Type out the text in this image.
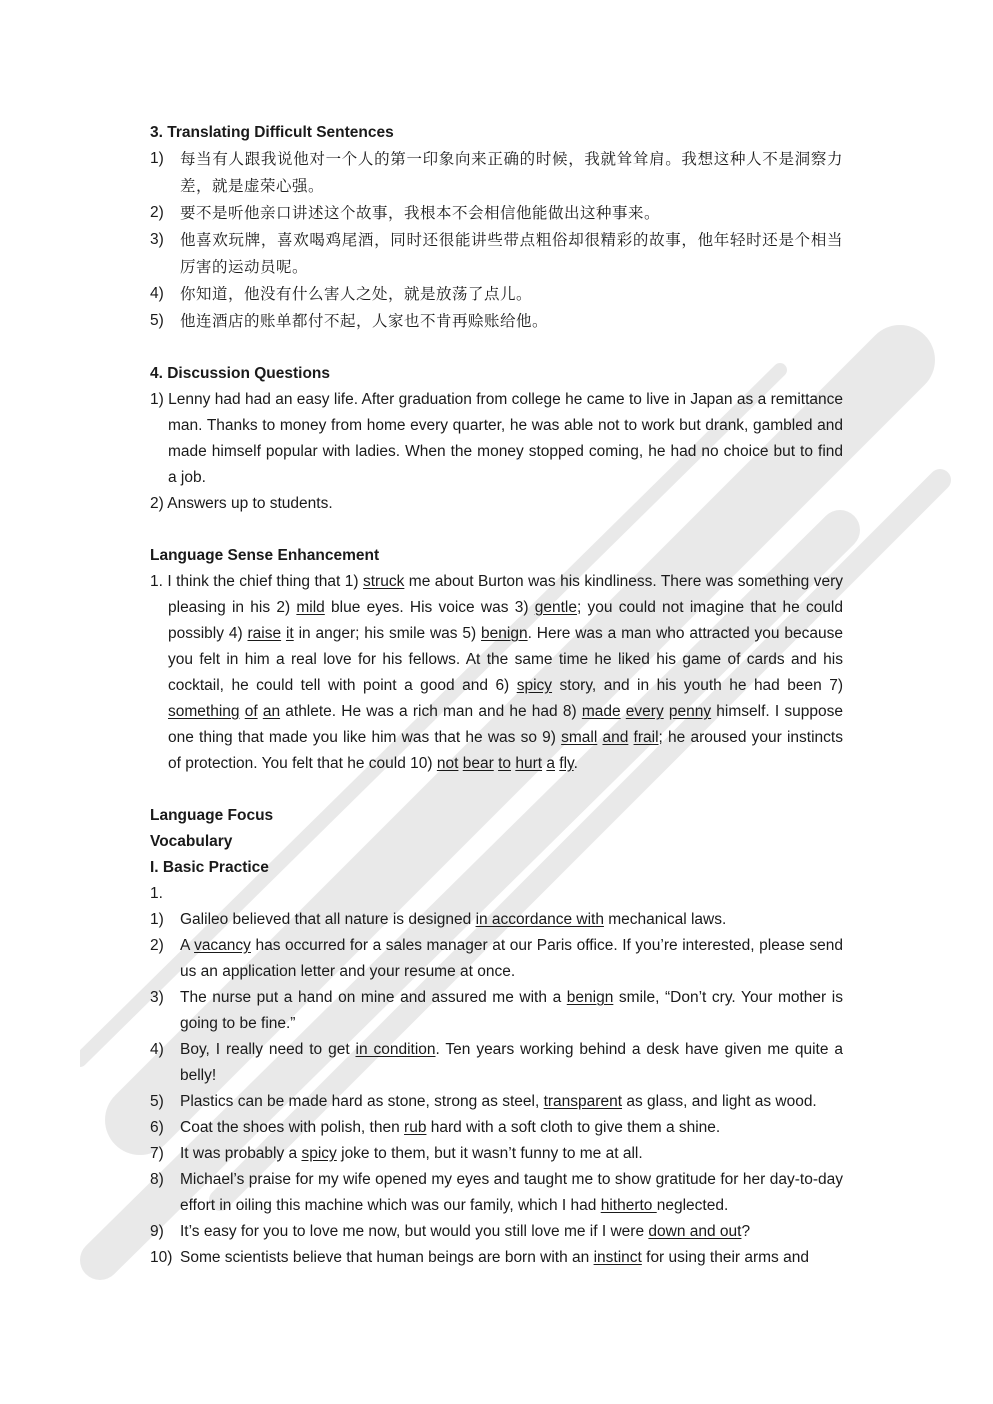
3. Translating Difficult Sentences
1) 每当有人跟我说他对一个人的第一印象向来正确的时候，我就耸耸肩。我想这种人不是洞察力差，就是虚荣心强。
2) 要不是听他亲口讲述这个故事，我根本不会相信他能做出这种事来。
3) 他喜欢玩牌，喜欢喝鸡尾酒，同时还很能讲些带点粗俗却很精彩的故事，他年轻时还是个相当厉害的运动员呢。
4) 你知道，他没有什么害人之处，就是放荡了点儿。
5) 他连酒店的账单都付不起，人家也不肯再赊账给他。
4. Discussion Questions
1) Lenny had had an easy life. After graduation from college he came to live in Japan as a remittance man. Thanks to money from home every quarter, he was able not to work but drank, gambled and made himself popular with ladies. When the money stopped coming, he had no choice but to find a job.
2) Answers up to students.
Language Sense Enhancement
1. I think the chief thing that 1) struck me about Burton was his kindliness. There was something very pleasing in his 2) mild blue eyes. His voice was 3) gentle; you could not imagine that he could possibly 4) raise it in anger; his smile was 5) benign. Here was a man who attracted you because you felt in him a real love for his fellows. At the same time he liked his game of cards and his cocktail, he could tell with point a good and 6) spicy story, and in his youth he had been 7) something of an athlete. He was a rich man and he had 8) made every penny himself. I suppose one thing that made you like him was that he was so 9) small and frail; he aroused your instincts of protection. You felt that he could 10) not bear to hurt a fly.
Language Focus
Vocabulary
I. Basic Practice
1.
1) Galileo believed that all nature is designed in accordance with mechanical laws.
2) A vacancy has occurred for a sales manager at our Paris office. If you’re interested, please send us an application letter and your resume at once.
3) The nurse put a hand on mine and assured me with a benign smile, “Don’t cry. Your mother is going to be fine.”
4) Boy, I really need to get in condition. Ten years working behind a desk have given me quite a belly!
5) Plastics can be made hard as stone, strong as steel, transparent as glass, and light as wood.
6) Coat the shoes with polish, then rub hard with a soft cloth to give them a shine.
7) It was probably a spicy joke to them, but it wasn’t funny to me at all.
8) Michael’s praise for my wife opened my eyes and taught me to show gratitude for her day-to-day effort in oiling this machine which was our family, which I had hitherto neglected.
9) It’s easy for you to love me now, but would you still love me if I were down and out?
10) Some scientists believe that human beings are born with an instinct for using their arms and
